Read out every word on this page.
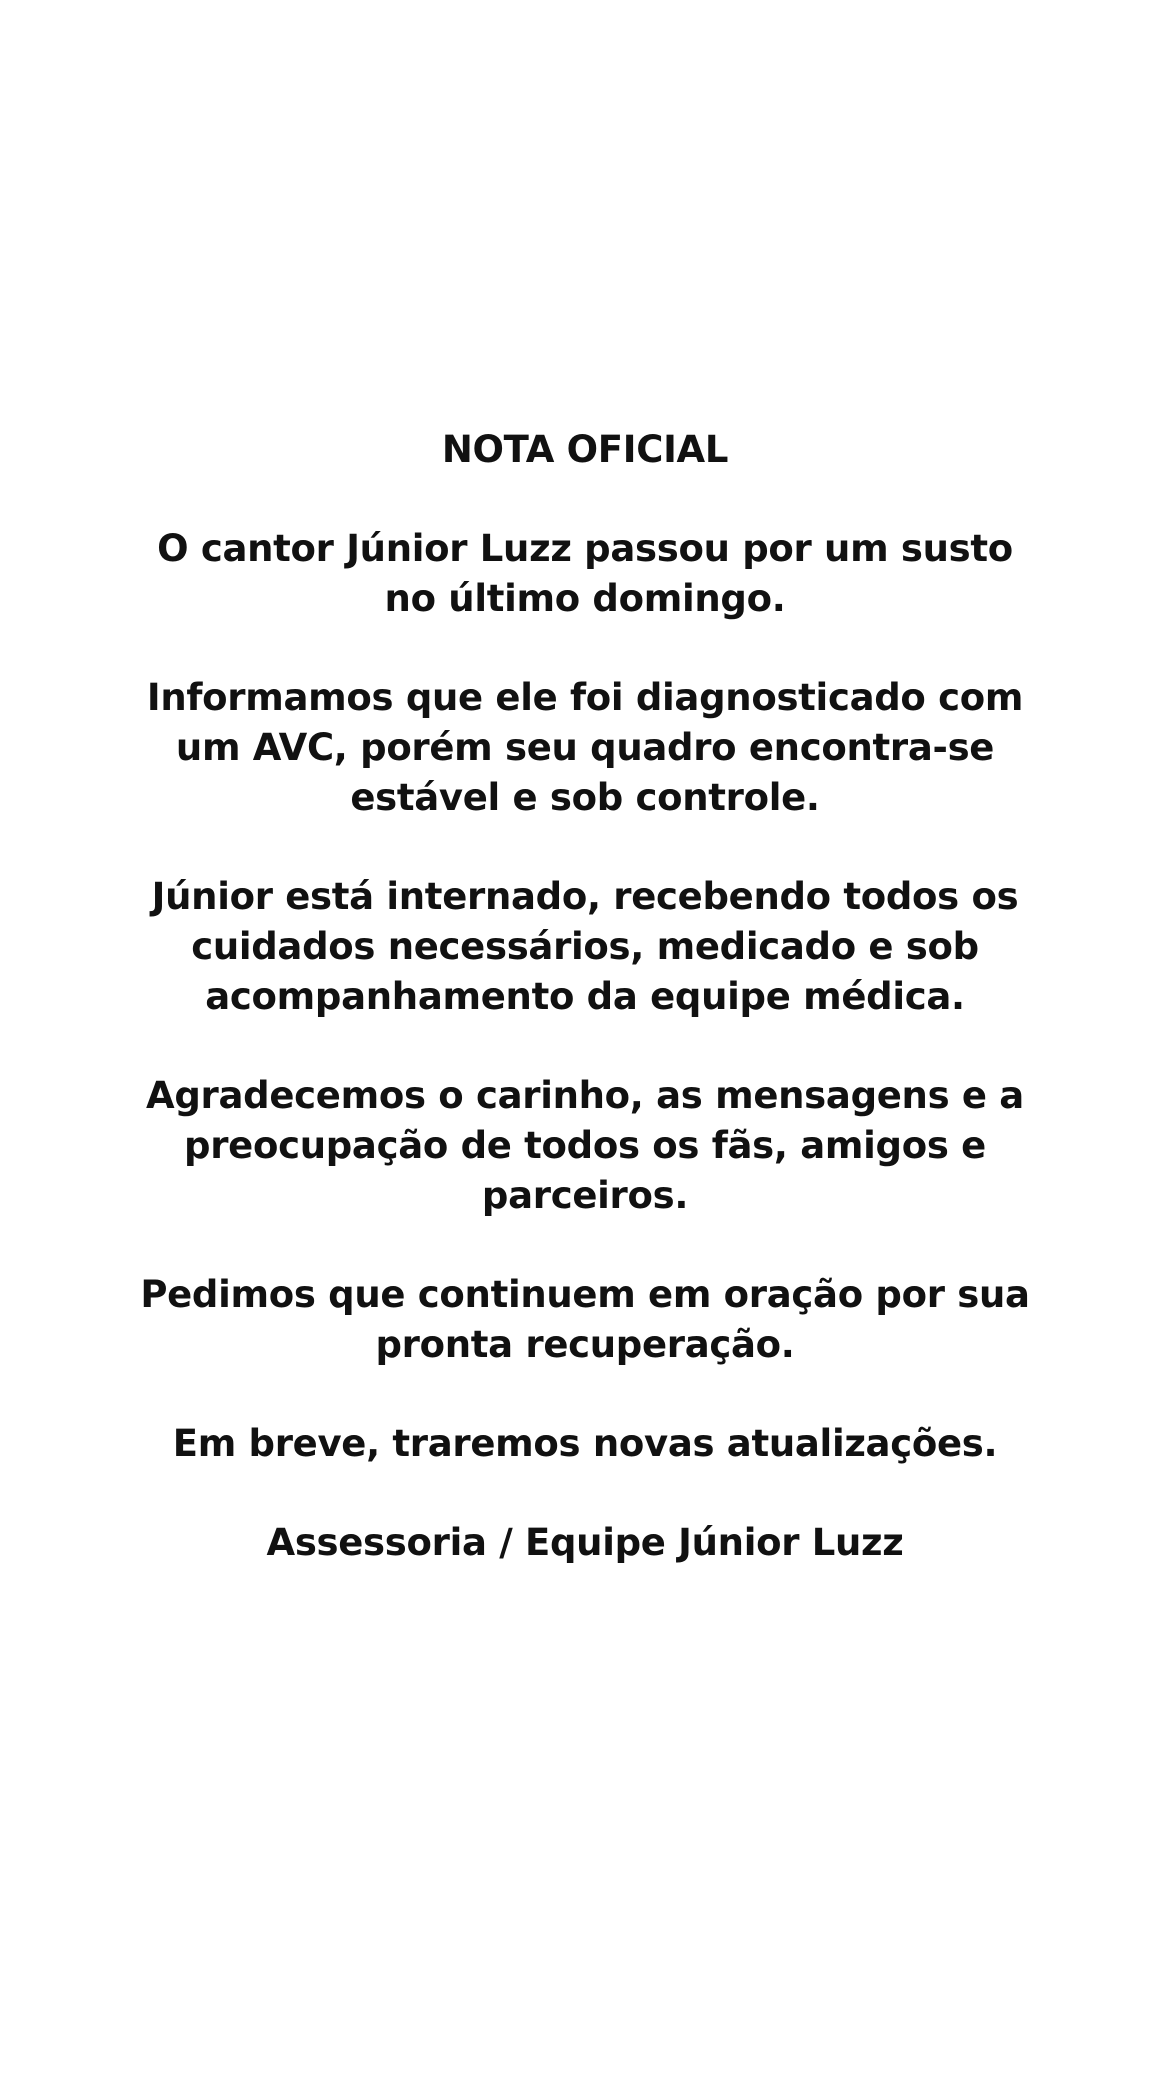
NOTA OFICIAL

O cantor Júnior Luzz passou por um susto
no último domingo.

Informamos que ele foi diagnosticado com
um AVC, porém seu quadro encontra-se
estável e sob controle.

Júnior está internado, recebendo todos os
cuidados necessários, medicado e sob
acompanhamento da equipe médica.

Agradecemos o carinho, as mensagens e a
preocupação de todos os fãs, amigos e
parceiros.

Pedimos que continuem em oração por sua
pronta recuperação.

Em breve, traremos novas atualizações.

Assessoria / Equipe Júnior Luzz
